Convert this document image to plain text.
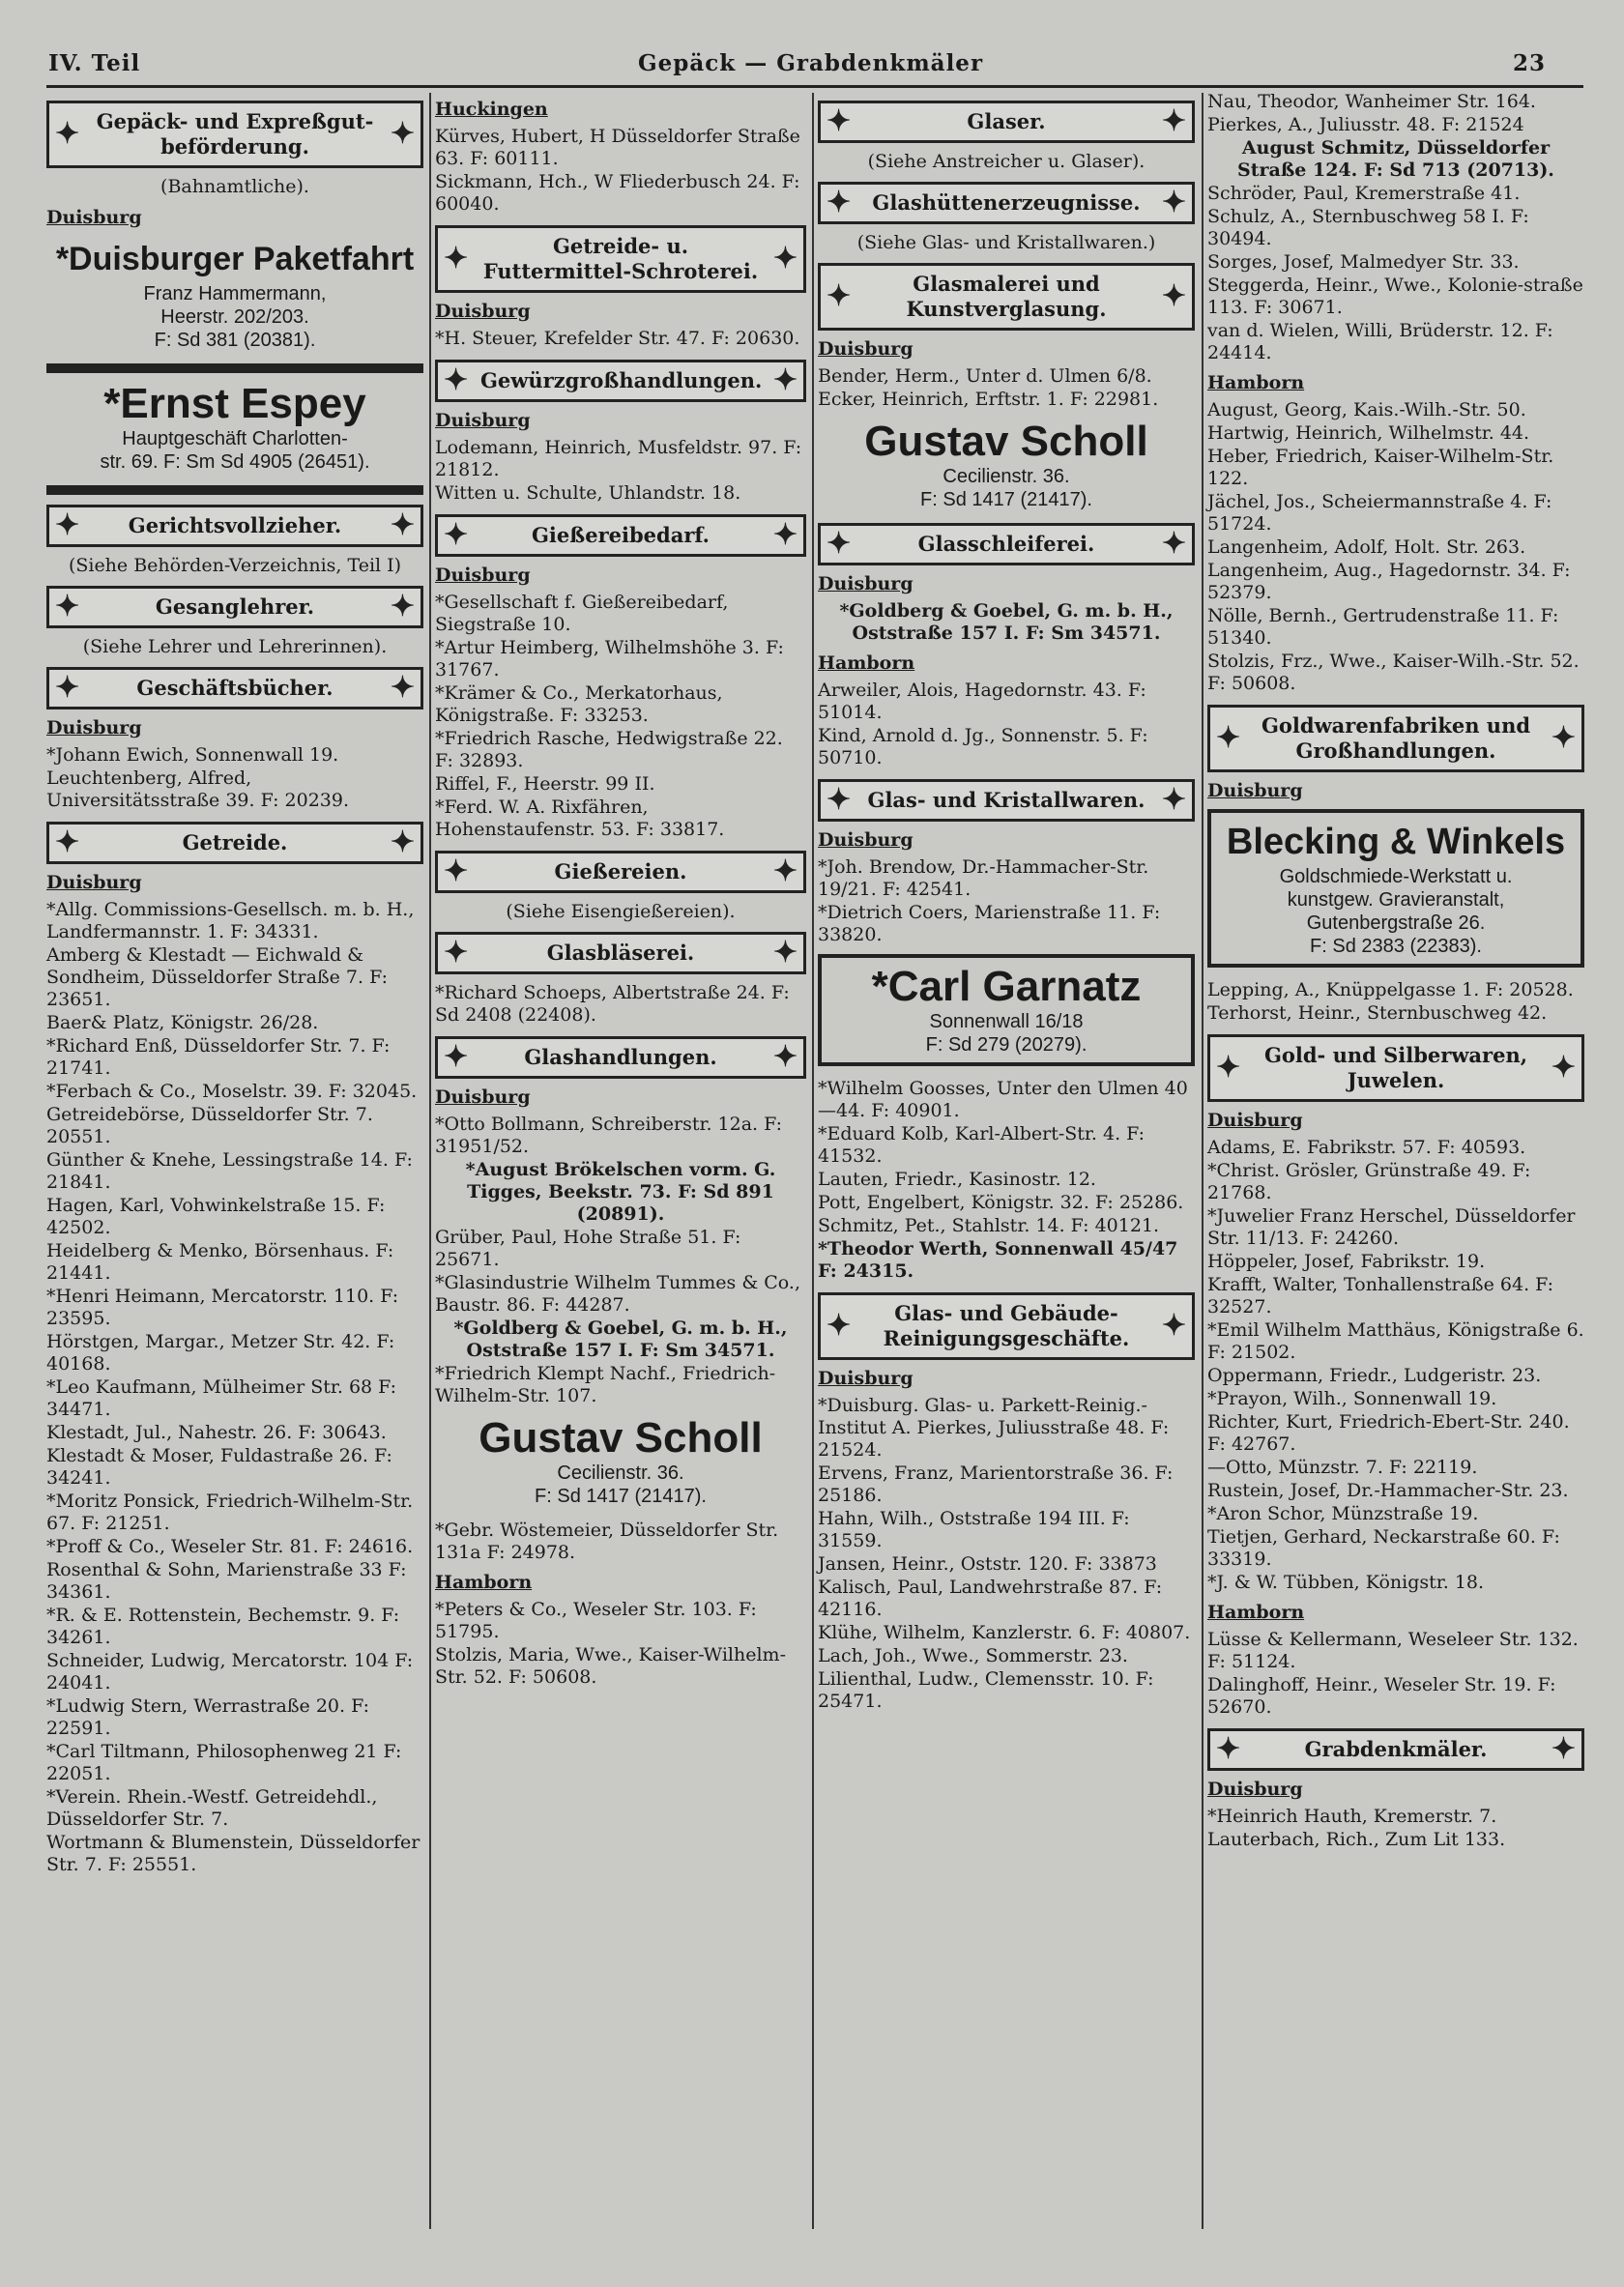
IV. Teil	Gepäck — Grabdenkmäler	23
✦ Gepäck- und Expreßgut-beförderung. ✦
(Bahnamtliche).
Duisburg
*Duisburger Paketfahrt
Franz Hammermann,
Heerstr. 202/203.
F: Sd 381 (20381).
*Ernst Espey
Hauptgeschäft Charlotten-
str. 69. F: Sm Sd 4905 (26451).
✦ Gerichtsvollzieher. ✦
(Siehe Behörden-Verzeichnis, Teil I)
✦ Gesanglehrer. ✦
(Siehe Lehrer und Lehrerinnen).
✦ Geschäftsbücher. ✦
Duisburg
*Johann Ewich, Sonnenwall 19.
Leuchtenberg, Alfred, Universitätsstraße 39. F: 20239.
✦ Getreide. ✦
Duisburg
*Allg. Commissions-Gesellsch. m. b. H., Landfermannstr. 1. F: 34331.
Amberg & Klestadt — Eichwald & Sondheim, Düsseldorfer Straße 7. F: 23651.
Baer& Platz, Königstr. 26/28.
*Richard Enß, Düsseldorfer Str. 7. F: 21741.
*Ferbach & Co., Moselstr. 39. F: 32045.
Getreidebörse, Düsseldorfer Str. 7. 20551.
Günther & Knehe, Lessingstraße 14. F: 21841.
Hagen, Karl, Vohwinkelstraße 15. F: 42502.
Heidelberg & Menko, Börsenhaus. F: 21441.
*Henri Heimann, Mercatorstr. 110. F: 23595.
Hörstgen, Margar., Metzer Str. 42. F: 40168.
*Leo Kaufmann, Mülheimer Str. 68 F: 34471.
Klestadt, Jul., Nahestr. 26. F: 30643.
Klestadt & Moser, Fuldastraße 26. F: 34241.
*Moritz Ponsick, Friedrich-Wilhelm-Str. 67. F: 21251.
*Proff & Co., Weseler Str. 81. F: 24616.
Rosenthal & Sohn, Marienstraße 33 F: 34361.
*R. & E. Rottenstein, Bechemstr. 9. F: 34261.
Schneider, Ludwig, Mercatorstr. 104 F: 24041.
*Ludwig Stern, Werrastraße 20. F: 22591.
*Carl Tiltmann, Philosophenweg 21 F: 22051.
*Verein. Rhein.-Westf. Getreidehdl., Düsseldorfer Str. 7.
Wortmann & Blumenstein, Düsseldorfer Str. 7. F: 25551.
Huckingen
Kürves, Hubert, H Düsseldorfer Straße 63. F: 60111.
Sickmann, Hch., W Fliederbusch 24. F: 60040.
✦ Getreide- u. Futtermittel-Schroterei. ✦
Duisburg
*H. Steuer, Krefelder Str. 47. F: 20630.
✦ Gewürzgroßhandlungen. ✦
Duisburg
Lodemann, Heinrich, Musfeldstr. 97. F: 21812.
Witten u. Schulte, Uhlandstr. 18.
✦ Gießereibedarf. ✦
Duisburg
*Gesellschaft f. Gießereibedarf, Siegstraße 10.
*Artur Heimberg, Wilhelmshöhe 3. F: 31767.
*Krämer & Co., Merkatorhaus, Königstraße. F: 33253.
*Friedrich Rasche, Hedwigstraße 22. F: 32893.
Riffel, F., Heerstr. 99 II.
*Ferd. W. A. Rixfähren, Hohenstaufenstr. 53. F: 33817.
✦ Gießereien. ✦
(Siehe Eisengießereien).
✦ Glasbläserei. ✦
*Richard Schoeps, Albertstraße 24. F: Sd 2408 (22408).
✦ Glashandlungen. ✦
Duisburg
*Otto Bollmann, Schreiberstr. 12a. F: 31951/52.
*August Brökelschen vorm. G. Tigges, Beekstr. 73. F: Sd 891 (20891).
Grüber, Paul, Hohe Straße 51. F: 25671.
*Glasindustrie Wilhelm Tummes & Co., Baustr. 86. F: 44287.
*Goldberg & Goebel, G. m. b. H., Oststraße 157 I. F: Sm 34571.
*Friedrich Klempt Nachf., Friedrich-Wilhelm-Str. 107.
Gustav Scholl
Cecilienstr. 36.
F: Sd 1417 (21417).
*Gebr. Wöstemeier, Düsseldorfer Str. 131a F: 24978.
Hamborn
*Peters & Co., Weseler Str. 103. F: 51795.
Stolzis, Maria, Wwe., Kaiser-Wilhelm-Str. 52. F: 50608.
✦ Glaser. ✦
(Siehe Anstreicher u. Glaser).
✦ Glashüttenerzeugnisse. ✦
(Siehe Glas- und Kristallwaren.)
✦ Glasmalerei und Kunstverglasung. ✦
Duisburg
Bender, Herm., Unter d. Ulmen 6/8.
Ecker, Heinrich, Erftstr. 1. F: 22981.
Gustav Scholl
Cecilienstr. 36.
F: Sd 1417 (21417).
✦ Glasschleiferei. ✦
Duisburg
*Goldberg & Goebel, G. m. b. H., Oststraße 157 I. F: Sm 34571.
Hamborn
Arweiler, Alois, Hagedornstr. 43. F: 51014.
Kind, Arnold d. Jg., Sonnenstr. 5. F: 50710.
✦ Glas- und Kristallwaren. ✦
Duisburg
*Joh. Brendow, Dr.-Hammacher-Str. 19/21. F: 42541.
*Dietrich Coers, Marienstraße 11. F: 33820.
*Carl Garnatz
Sonnenwall 16/18
F: Sd 279 (20279).
*Wilhelm Goosses, Unter den Ulmen 40—44. F: 40901.
*Eduard Kolb, Karl-Albert-Str. 4. F: 41532.
Lauten, Friedr., Kasinostr. 12.
Pott, Engelbert, Königstr. 32. F: 25286.
Schmitz, Pet., Stahlstr. 14. F: 40121.
*Theodor Werth, Sonnenwall 45/47 F: 24315.
✦ Glas- und Gebäude-Reinigungsgeschäfte. ✦
Duisburg
*Duisburg. Glas- u. Parkett-Reinig.-Institut A. Pierkes, Juliusstraße 48. F: 21524.
Ervens, Franz, Marientorstraße 36. F: 25186.
Hahn, Wilh., Oststraße 194 III. F: 31559.
Jansen, Heinr., Oststr. 120. F: 33873
Kalisch, Paul, Landwehrstraße 87. F: 42116.
Klühe, Wilhelm, Kanzlerstr. 6. F: 40807.
Lach, Joh., Wwe., Sommerstr. 23.
Lilienthal, Ludw., Clemensstr. 10. F: 25471.
Nau, Theodor, Wanheimer Str. 164.
Pierkes, A., Juliusstr. 48. F: 21524
August Schmitz, Düsseldorfer Straße 124. F: Sd 713 (20713).
Schröder, Paul, Kremerstraße 41.
Schulz, A., Sternbuschweg 58 I. F: 30494.
Sorges, Josef, Malmedyer Str. 33.
Steggerda, Heinr., Wwe., Kolonie-straße 113. F: 30671.
van d. Wielen, Willi, Brüderstr. 12. F: 24414.
Hamborn
August, Georg, Kais.-Wilh.-Str. 50.
Hartwig, Heinrich, Wilhelmstr. 44.
Heber, Friedrich, Kaiser-Wilhelm-Str. 122.
Jächel, Jos., Scheiermannstraße 4. F: 51724.
Langenheim, Adolf, Holt. Str. 263.
Langenheim, Aug., Hagedornstr. 34. F: 52379.
Nölle, Bernh., Gertrudenstraße 11. F: 51340.
Stolzis, Frz., Wwe., Kaiser-Wilh.-Str. 52. F: 50608.
✦ Goldwarenfabriken und Großhandlungen. ✦
Duisburg
Blecking & Winkels
Goldschmiede-Werkstatt u.
kunstgew. Gravieranstalt,
Gutenbergstraße 26.
F: Sd 2383 (22383).
Lepping, A., Knüppelgasse 1. F: 20528.
Terhorst, Heinr., Sternbuschweg 42.
✦ Gold- und Silberwaren, Juwelen. ✦
Duisburg
Adams, E. Fabrikstr. 57. F: 40593.
*Christ. Grösler, Grünstraße 49. F: 21768.
*Juwelier Franz Herschel, Düsseldorfer Str. 11/13. F: 24260.
Höppeler, Josef, Fabrikstr. 19.
Krafft, Walter, Tonhallenstraße 64. F: 32527.
*Emil Wilhelm Matthäus, Königstraße 6. F: 21502.
Oppermann, Friedr., Ludgeristr. 23.
*Prayon, Wilh., Sonnenwall 19.
Richter, Kurt, Friedrich-Ebert-Str. 240. F: 42767.
—Otto, Münzstr. 7. F: 22119.
Rustein, Josef, Dr.-Hammacher-Str. 23.
*Aron Schor, Münzstraße 19.
Tietjen, Gerhard, Neckarstraße 60. F: 33319.
*J. & W. Tübben, Königstr. 18.
Hamborn
Lüsse & Kellermann, Weseleer Str. 132. F: 51124.
Dalinghoff, Heinr., Weseler Str. 19. F: 52670.
✦ Grabdenkmäler. ✦
Duisburg
*Heinrich Hauth, Kremerstr. 7.
Lauterbach, Rich., Zum Lit 133.
